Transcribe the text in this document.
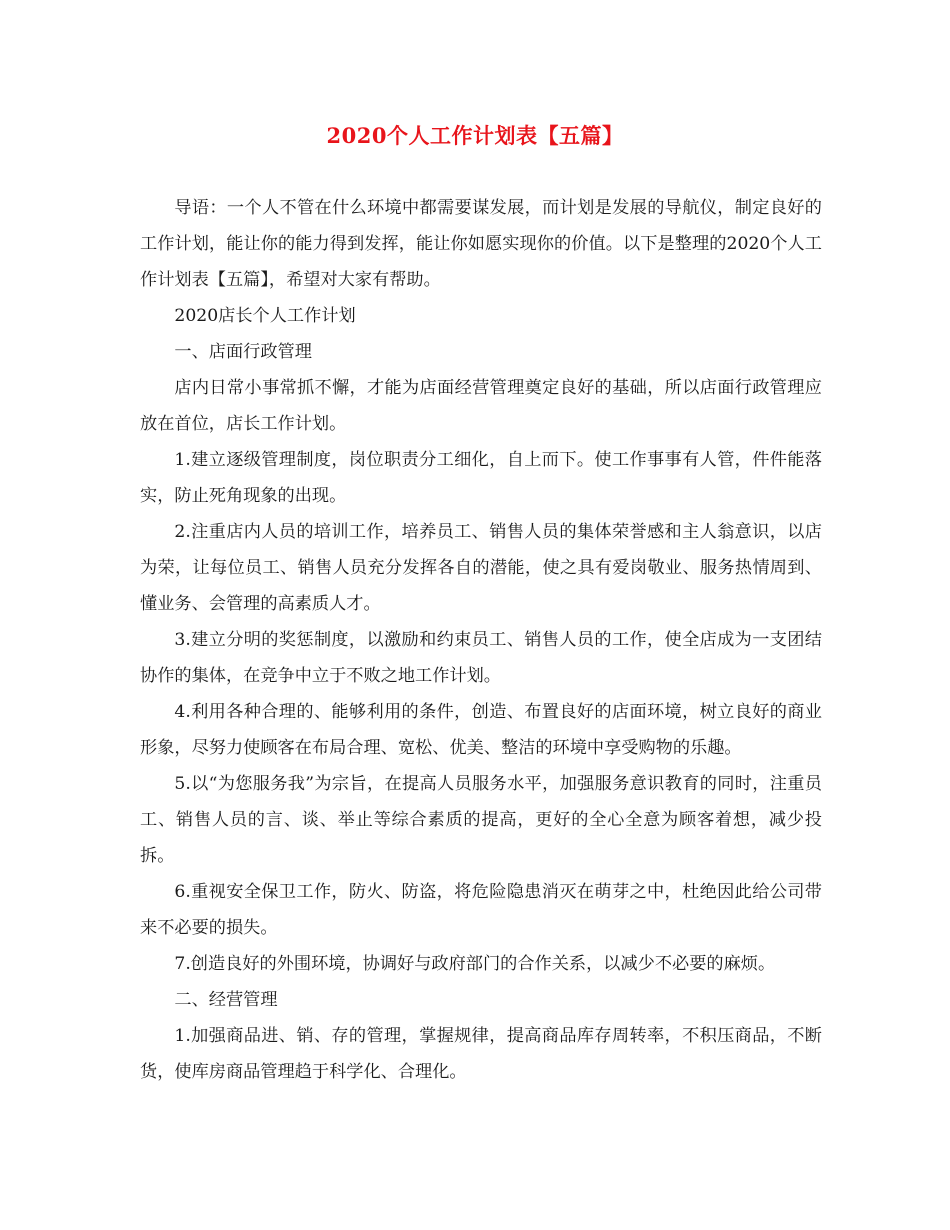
2020个人工作计划表【五篇】

导语：一个人不管在什么环境中都需要谋发展，而计划是发展的导航仪，制定良好的工作计划，能让你的能力得到发挥，能让你如愿实现你的价值。以下是整理的2020个人工作计划表【五篇】，希望对大家有帮助。

2020店长个人工作计划

一、店面行政管理

店内日常小事常抓不懈，才能为店面经营管理奠定良好的基础，所以店面行政管理应放在首位，店长工作计划。

1.建立逐级管理制度，岗位职责分工细化，自上而下。使工作事事有人管，件件能落实，防止死角现象的出现。

2.注重店内人员的培训工作，培养员工、销售人员的集体荣誉感和主人翁意识，以店为荣，让每位员工、销售人员充分发挥各自的潜能，使之具有爱岗敬业、服务热情周到、懂业务、会管理的高素质人才。

3.建立分明的奖惩制度，以激励和约束员工、销售人员的工作，使全店成为一支团结协作的集体，在竞争中立于不败之地工作计划。

4.利用各种合理的、能够利用的条件，创造、布置良好的店面环境，树立良好的商业形象，尽努力使顾客在布局合理、宽松、优美、整洁的环境中享受购物的乐趣。

5.以“为您服务我”为宗旨，在提高人员服务水平，加强服务意识教育的同时，注重员工、销售人员的言、谈、举止等综合素质的提高，更好的全心全意为顾客着想，减少投拆。

6.重视安全保卫工作，防火、防盗，将危险隐患消灭在萌芽之中，杜绝因此给公司带来不必要的损失。

7.创造良好的外围环境，协调好与政府部门的合作关系，以减少不必要的麻烦。

二、经营管理

1.加强商品进、销、存的管理，掌握规律，提高商品库存周转率，不积压商品，不断货，使库房商品管理趋于科学化、合理化。
